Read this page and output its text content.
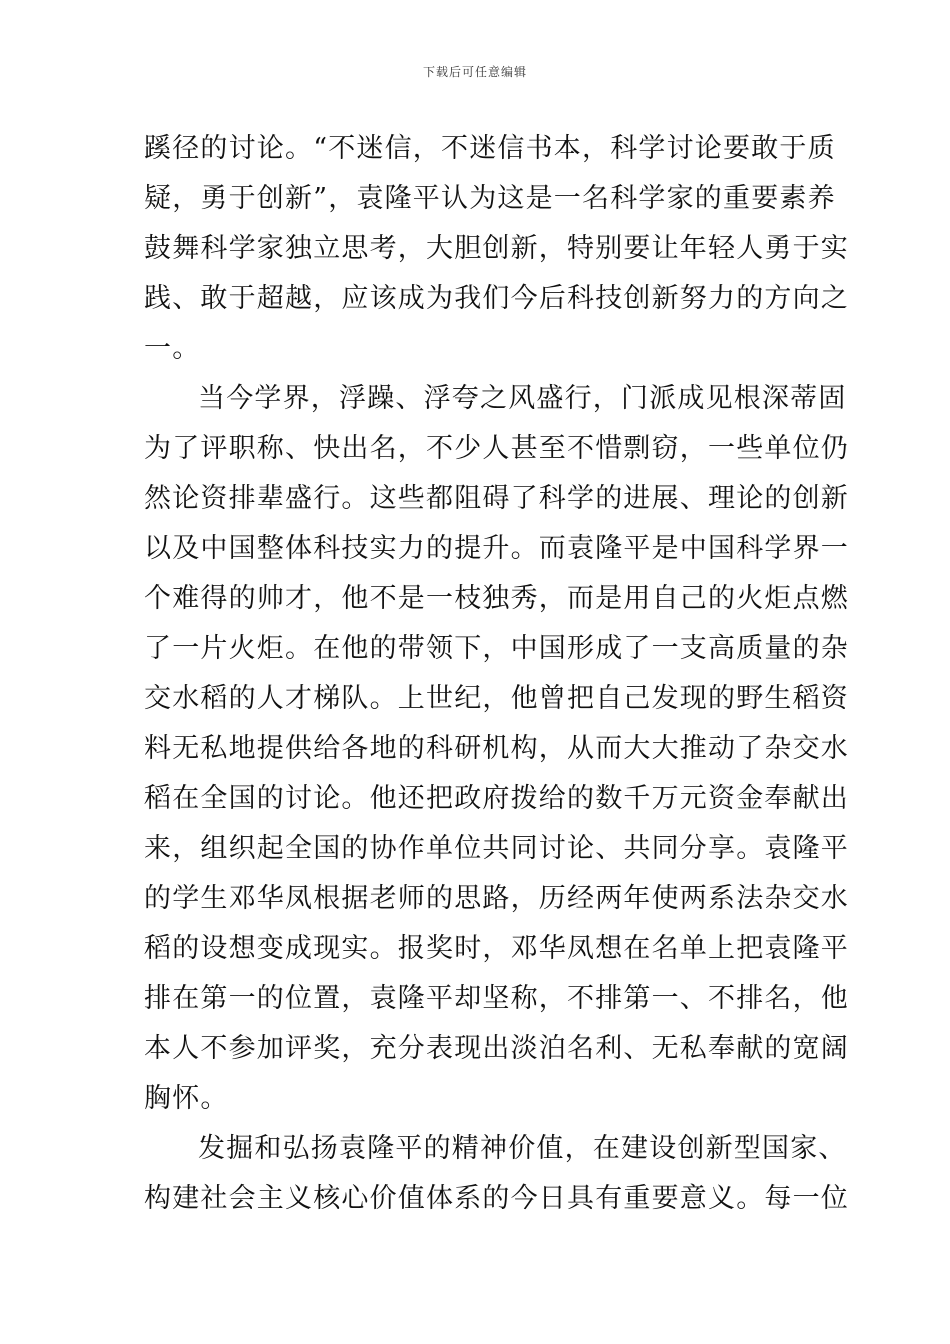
下载后可任意编辑
蹊径的讨论。“不迷信，不迷信书本，科学讨论要敢于质
疑，勇于创新”，袁隆平认为这是一名科学家的重要素养
鼓舞科学家独立思考，大胆创新，特别要让年轻人勇于实
践、敢于超越，应该成为我们今后科技创新努力的方向之
一。
当今学界，浮躁、浮夸之风盛行，门派成见根深蒂固
为了评职称、快出名，不少人甚至不惜剽窃，一些单位仍
然论资排辈盛行。这些都阻碍了科学的进展、理论的创新
以及中国整体科技实力的提升。而袁隆平是中国科学界一
个难得的帅才，他不是一枝独秀，而是用自己的火炬点燃
了一片火炬。在他的带领下，中国形成了一支高质量的杂
交水稻的人才梯队。上世纪，他曾把自己发现的野生稻资
料无私地提供给各地的科研机构，从而大大推动了杂交水
稻在全国的讨论。他还把政府拨给的数千万元资金奉献出
来，组织起全国的协作单位共同讨论、共同分享。袁隆平
的学生邓华凤根据老师的思路，历经两年使两系法杂交水
稻的设想变成现实。报奖时，邓华凤想在名单上把袁隆平
排在第一的位置，袁隆平却坚称，不排第一、不排名，他
本人不参加评奖，充分表现出淡泊名利、无私奉献的宽阔
胸怀。
发掘和弘扬袁隆平的精神价值，在建设创新型国家、
构建社会主义核心价值体系的今日具有重要意义。每一位
